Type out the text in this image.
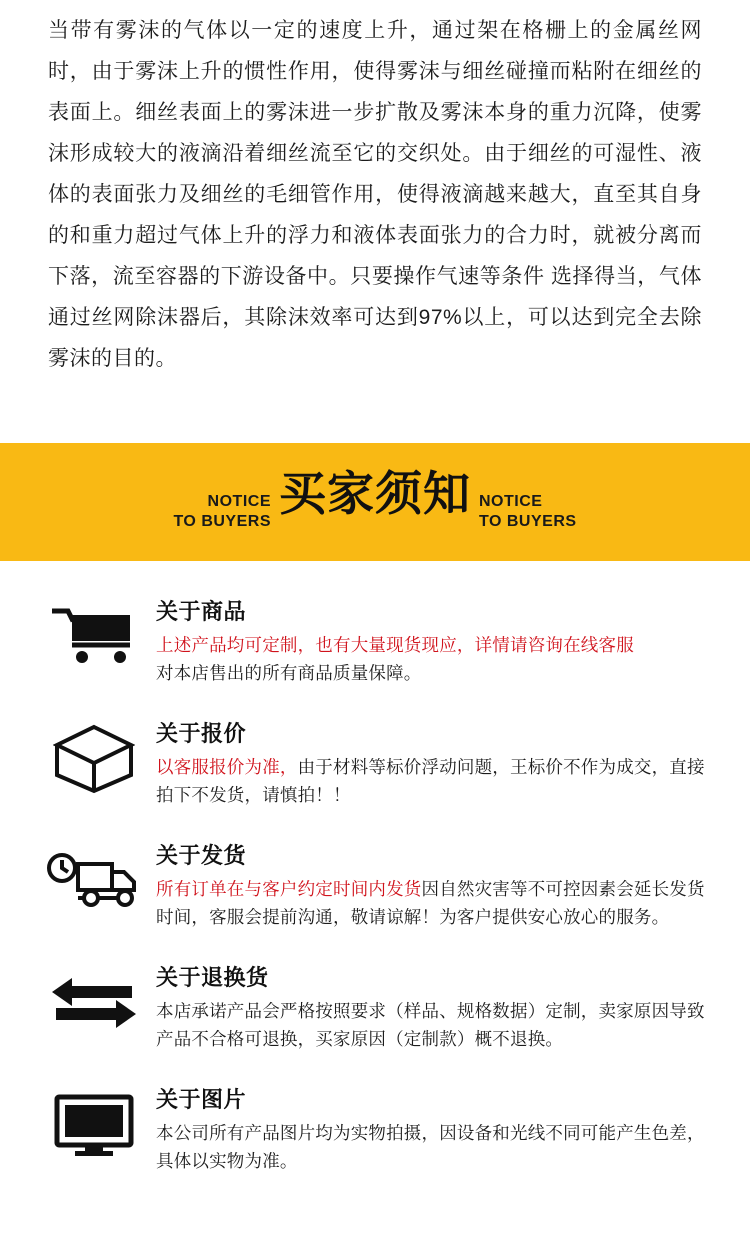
当带有雾沫的气体以一定的速度上升，通过架在格栅上的金属丝网时，由于雾沫上升的惯性作用，使得雾沫与细丝碰撞而粘附在细丝的表面上。细丝表面上的雾沫进一步扩散及雾沫本身的重力沉降，使雾沫形成较大的液滴沿着细丝流至它的交织处。由于细丝的可湿性、液体的表面张力及细丝的毛细管作用，使得液滴越来越大，直至其自身的和重力超过气体上升的浮力和液体表面张力的合力时，就被分离而下落，流至容器的下游设备中。只要操作气速等条件 选择得当，气体通过丝网除沫器后，其除沫效率可达到97%以上，可以达到完全去除雾沫的目的。

NOTICE
TO BUYERS
买家须知 NOTICE
TO BUYERS
关于商品
上述产品均可定制，也有大量现货现应，详情请咨询在线客服
对本店售出的所有商品质量保障。
关于报价
以客服报价为准，由于材料等标价浮动问题，王标价不作为成交，直接拍下不发货，请慎拍！！
关于发货
所有订单在与客户约定时间内发货因自然灾害等不可控因素会延长发货时间，客服会提前沟通，敬请谅解！为客户提供安心放心的服务。
关于退换货
本店承诺产品会严格按照要求（样品、规格数据）定制，卖家原因导致产品不合格可退换，买家原因（定制款）概不退换。
关于图片
本公司所有产品图片均为实物拍摄，因设备和光线不同可能产生色差，具体以实物为准。
